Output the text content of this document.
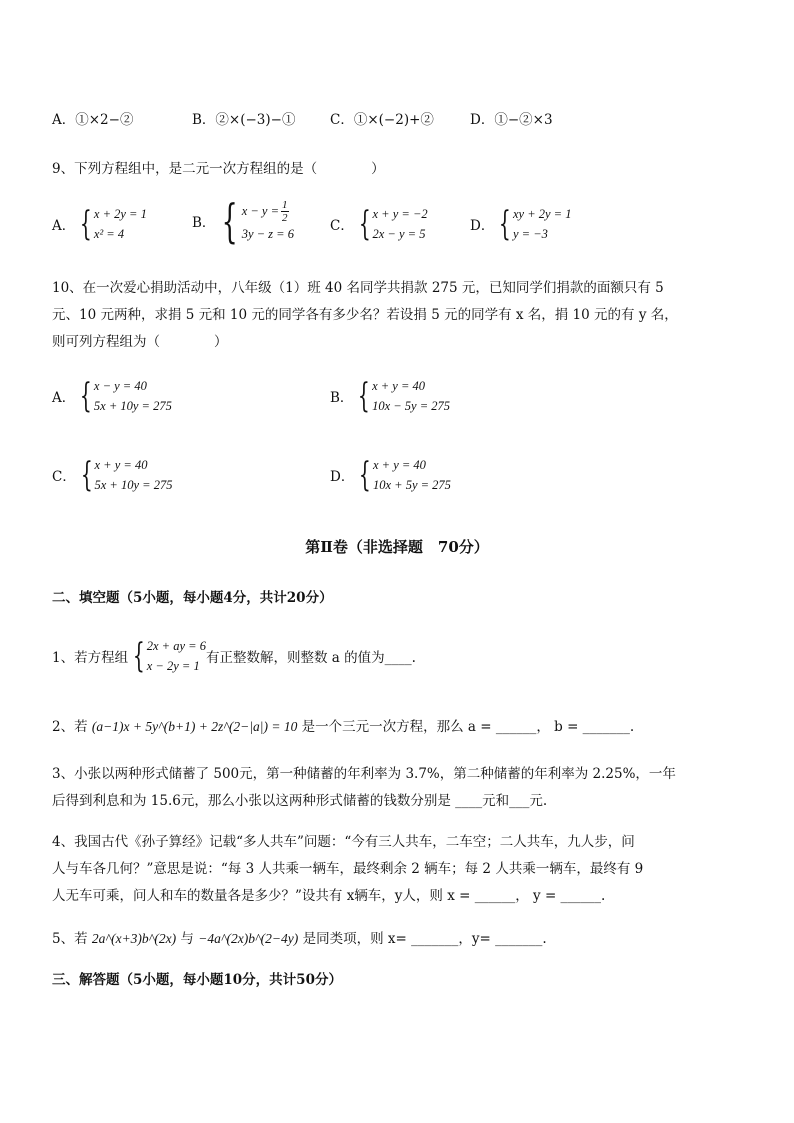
A．①×2−②	B．②×(−3)−①	C．①×(−2)+②	D．①−②×3
9、下列方程组中，是二元一次方程组的是（　　　　）
A． { x + 2y = 1
x² = 4
B． { $x - y = \frac{1}{2}$
3y − z = 6	C． { x + y = −2
2x − y = 5	D． { xy + 2y = 1
y = −3
10、在一次爱心捐助活动中，八年级（1）班 40 名同学共捐款 275 元，已知同学们捐款的面额只有 5
元、10 元两种，求捐 5 元和 10 元的同学各有多少名？若设捐 5 元的同学有 x 名，捐 10 元的有 y 名，
则可列方程组为（　　　　）
A． { x − y = 40
5x + 10y = 275	B． { x + y = 40
10x − 5y = 275
C． { x + y = 40
5x + 10y = 275	D． { x + y = 40
10x + 5y = 275
第Ⅱ卷（非选择题　70分）
二、填空题（5小题，每小题4分，共计20分）
1、若方程组 { 2x + ay = 6
x − 2y = 1 有正整数解，则整数 a 的值为____.
2、若 (a−1)x + 5y^(b+1) + 2z^(2−|a|) = 10 是一个三元一次方程，那么 a = ______， b = _______.
3、小张以两种形式储蓄了 500元，第一种储蓄的年利率为 3.7%，第二种储蓄的年利率为 2.25%，一年
后得到利息和为 15.6元，那么小张以这两种形式储蓄的钱数分别是 ____元和___元.
4、我国古代《孙子算经》记载“多人共车”问题：“今有三人共车，二车空；二人共车，九人步，问
人与车各几何？”意思是说：“每 3 人共乘一辆车，最终剩余 2 辆车；每 2 人共乘一辆车，最终有 9
人无车可乘，问人和车的数量各是多少？”设共有 x辆车，y人，则 x = ______， y = ______.
5、若 2a^(x+3)b^(2x) 与 −4a^(2x)b^(2−4y) 是同类项，则 x= _______，y= _______.
三、解答题（5小题，每小题10分，共计50分）
